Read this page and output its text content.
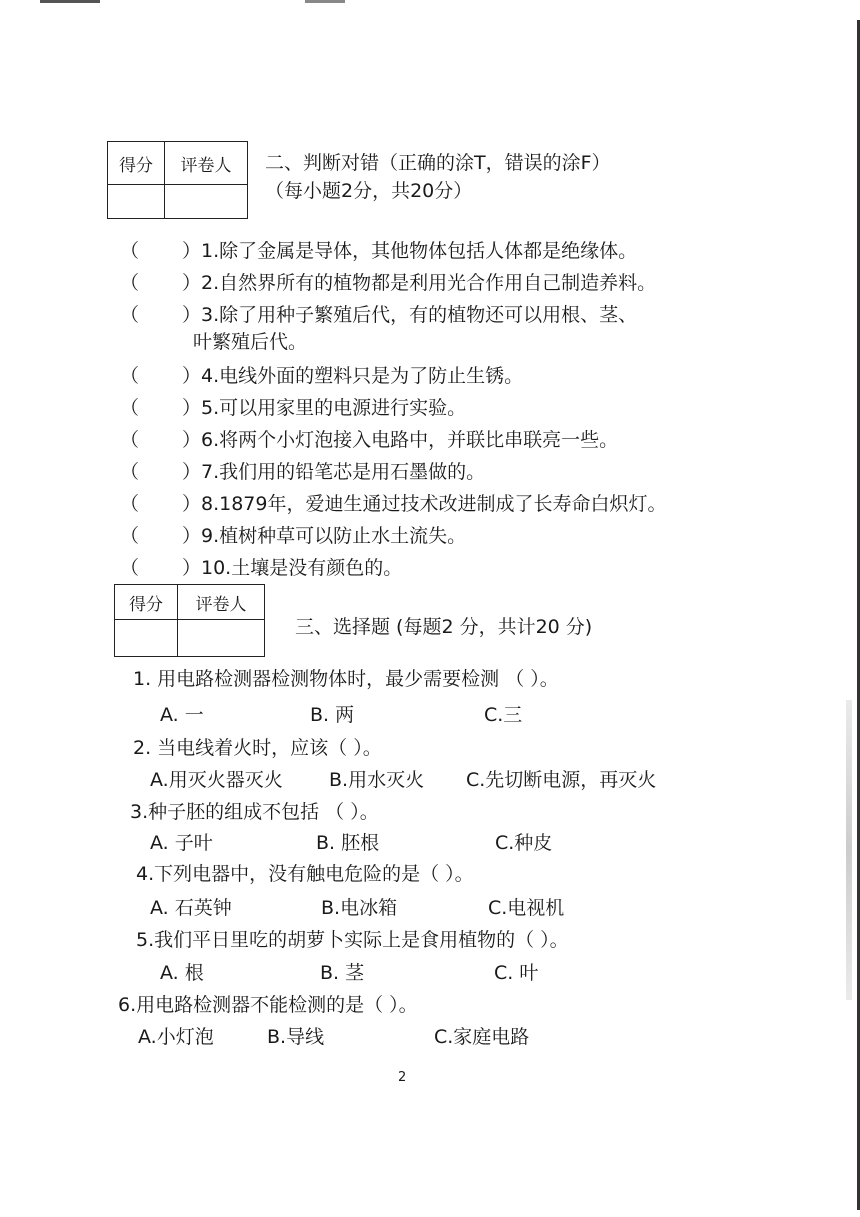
得分	评卷人
	二、判断对错（正确的涂T，错误的涂F）
（每小题2分，共20分）
（ ）1.除了金属是导体，其他物体包括人体都是绝缘体。
（ ）2.自然界所有的植物都是利用光合作用自己制造养料。
（ ）3.除了用种子繁殖后代，有的植物还可以用根、茎、
叶繁殖后代。
（ ）4.电线外面的塑料只是为了防止生锈。
（ ）5.可以用家里的电源进行实验。
（ ）6.将两个小灯泡接入电路中，并联比串联亮一些。
（ ）7.我们用的铅笔芯是用石墨做的。
（ ）8.1879年，爱迪生通过技术改进制成了长寿命白炽灯。
（ ）9.植树种草可以防止水土流失。
（ ）10.土壤是没有颜色的。
得分	评卷人

三、选择题 (每题2 分，共计20 分)
1. 用电路检测器检测物体时，最少需要检测 （ ）。
A. 一	B. 两	C.三
2. 当电线着火时，应该（ ）。
A.用灭火器灭火 B.用水灭火 C.先切断电源，再灭火
3.种子胚的组成不包括 （ ）。
A. 子叶	B. 胚根	C.种皮
4.下列电器中，没有触电危险的是（ ）。
A. 石英钟	B.电冰箱	C.电视机
5.我们平日里吃的胡萝卜实际上是食用植物的（ ）。
A. 根	B. 茎	C. 叶
6.用电路检测器不能检测的是（ ）。
A.小灯泡	B.导线	C.家庭电路
2
